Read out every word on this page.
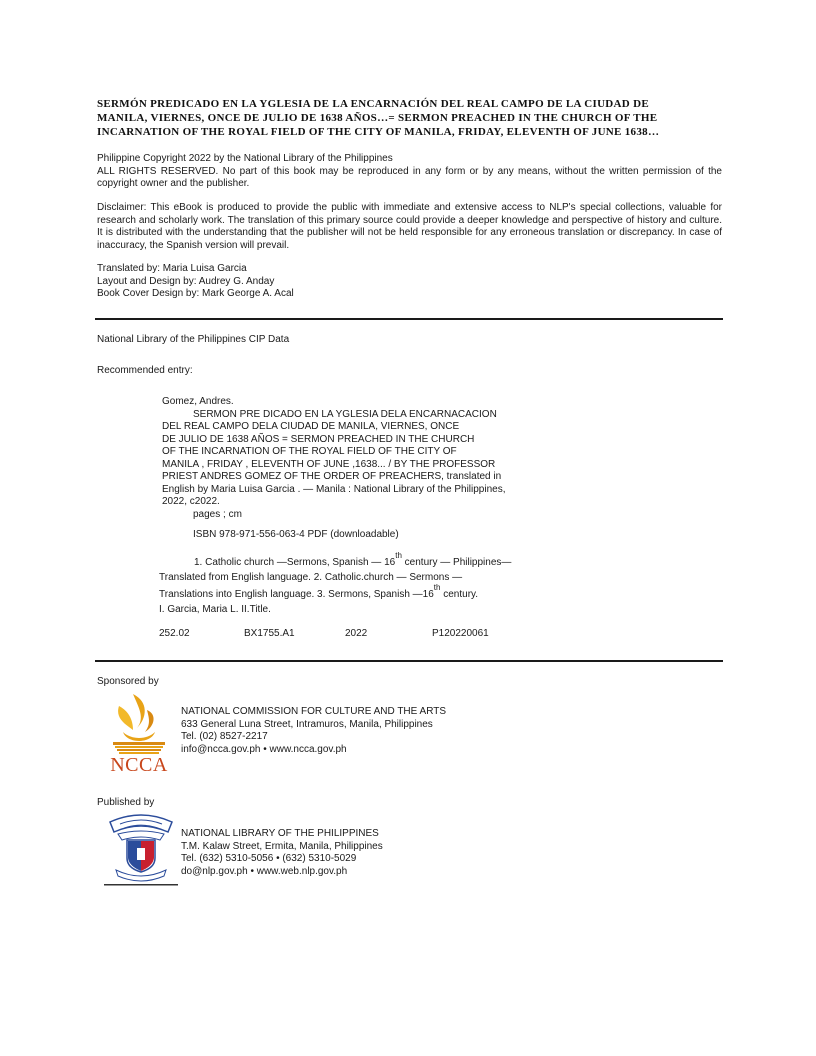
SERMÓN PREDICADO EN LA YGLESIA DE LA ENCARNACIÓN DEL REAL CAMPO DE LA CIUDAD DE
MANILA, VIERNES, ONCE DE JULIO DE 1638 AÑOS…= SERMON PREACHED IN THE CHURCH OF THE
INCARNATION OF THE ROYAL FIELD OF THE CITY OF MANILA, FRIDAY, ELEVENTH OF JUNE 1638…
Philippine Copyright 2022 by the National Library of the Philippines
ALL RIGHTS RESERVED. No part of this book may be reproduced in any form or by any means, without the written permission of the copyright owner and the publisher.
Disclaimer: This eBook is produced to provide the public with immediate and extensive access to NLP's special collections, valuable for research and scholarly work. The translation of this primary source could provide a deeper knowledge and perspective of history and culture. It is distributed with the understanding that the publisher will not be held responsible for any erroneous translation or discrepancy. In case of inaccuracy, the Spanish version will prevail.
Translated by: Maria Luisa Garcia
Layout and Design by: Audrey G. Anday
Book Cover Design by: Mark George A. Acal
National Library of the Philippines CIP Data
Recommended entry:
Gomez, Andres.
SERMON PRE DICADO EN LA YGLESIA DELA ENCARNACACION
DEL REAL CAMPO DELA CIUDAD DE MANILA, VIERNES, ONCE
DE JULIO DE 1638 AÑOS = SERMON PREACHED IN THE CHURCH
OF THE INCARNATION OF THE ROYAL FIELD OF THE CITY OF
MANILA , FRIDAY , ELEVENTH OF JUNE ,1638... / BY THE PROFESSOR
PRIEST ANDRES GOMEZ OF THE ORDER OF PREACHERS, translated in
English by Maria Luisa Garcia . — Manila : National Library of the Philippines,
2022, c2022.
pages ; cm
ISBN 978-971-556-063-4 PDF (downloadable)
1. Catholic church —Sermons, Spanish — 16th century — Philippines—
Translated from English language. 2. Catholic.church — Sermons —
Translations into English language. 3. Sermons, Spanish —16th century.
I. Garcia, Maria L. II.Title.
252.02	BX1755.A1	2022	P120220061
Sponsored by
NCCA
NATIONAL COMMISSION FOR CULTURE AND THE ARTS
633 General Luna Street, Intramuros, Manila, Philippines
Tel. (02) 8527-2217
info@ncca.gov.ph • www.ncca.gov.ph
Published by
NATIONAL LIBRARY OF THE PHILIPPINES
T.M. Kalaw Street, Ermita, Manila, Philippines
Tel. (632) 5310-5056 • (632) 5310-5029
do@nlp.gov.ph • www.web.nlp.gov.ph
